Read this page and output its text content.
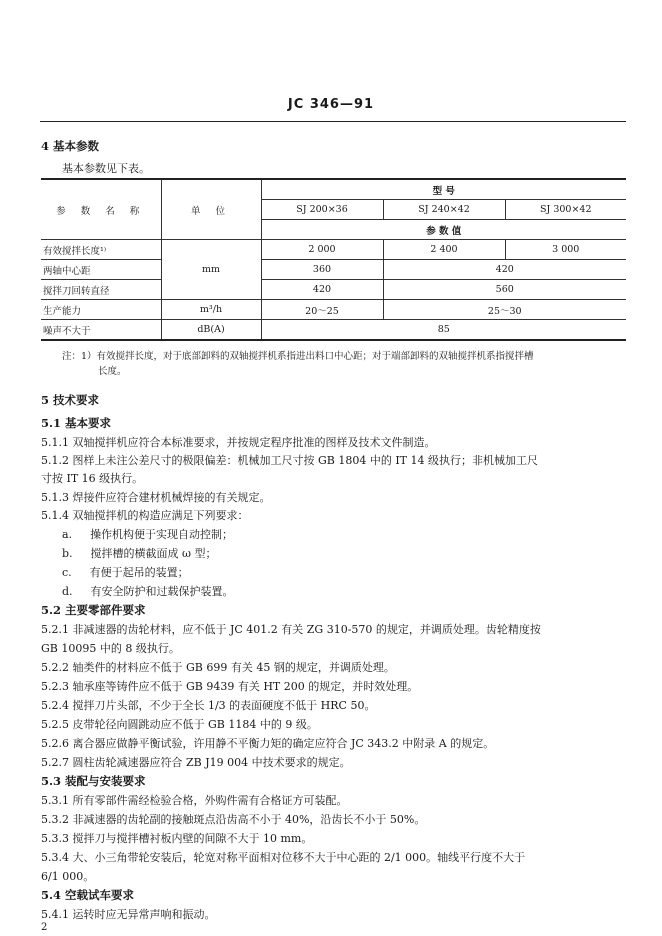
JC 346—91
4 基本参数
基本参数见下表。
参 数 名 称	单 位	型 号		
		SJ 200×36	SJ 240×42	SJ 300×42
		参 数 值		
有效搅拌长度¹⁾	mm	2 000	2 400	3 000
两轴中心距		360	420	
搅拌刀回转直径		420	560	
生产能力	m³/h	20～25	25～30	
噪声不大于	dB(A)	85		
注：1）有效搅拌长度，对于底部卸料的双轴搅拌机系指进出料口中心距；对于端部卸料的双轴搅拌机系指搅拌槽
长度。
5 技术要求
5.1 基本要求
5.1.1 双轴搅拌机应符合本标准要求，并按规定程序批准的图样及技术文件制造。
5.1.2 图样上未注公差尺寸的极限偏差：机械加工尺寸按 GB 1804 中的 IT 14 级执行；非机械加工尺
寸按 IT 16 级执行。
5.1.3 焊接件应符合建材机械焊接的有关规定。
5.1.4 双轴搅拌机的构造应满足下列要求：
a. 操作机构便于实现自动控制；
b. 搅拌槽的横截面成 ω 型；
c. 有便于起吊的装置；
d. 有安全防护和过载保护装置。
5.2 主要零部件要求
5.2.1 非减速器的齿轮材料，应不低于 JC 401.2 有关 ZG 310-570 的规定，并调质处理。齿轮精度按
GB 10095 中的 8 级执行。
5.2.2 轴类件的材料应不低于 GB 699 有关 45 钢的规定，并调质处理。
5.2.3 轴承座等铸件应不低于 GB 9439 有关 HT 200 的规定，并时效处理。
5.2.4 搅拌刀片头部，不少于全长 1/3 的表面硬度不低于 HRC 50。
5.2.5 皮带轮径向圆跳动应不低于 GB 1184 中的 9 级。
5.2.6 离合器应做静平衡试验，许用静不平衡力矩的确定应符合 JC 343.2 中附录 A 的规定。
5.2.7 圆柱齿轮减速器应符合 ZB J19 004 中技术要求的规定。
5.3 装配与安装要求
5.3.1 所有零部件需经检验合格，外购件需有合格证方可装配。
5.3.2 非减速器的齿轮副的接触斑点沿齿高不小于 40%，沿齿长不小于 50%。
5.3.3 搅拌刀与搅拌槽衬板内壁的间隙不大于 10 mm。
5.3.4 大、小三角带轮安装后，轮宽对称平面相对位移不大于中心距的 2/1 000。轴线平行度不大于
6/1 000。
5.4 空载试车要求
5.4.1 运转时应无异常声响和振动。
2
